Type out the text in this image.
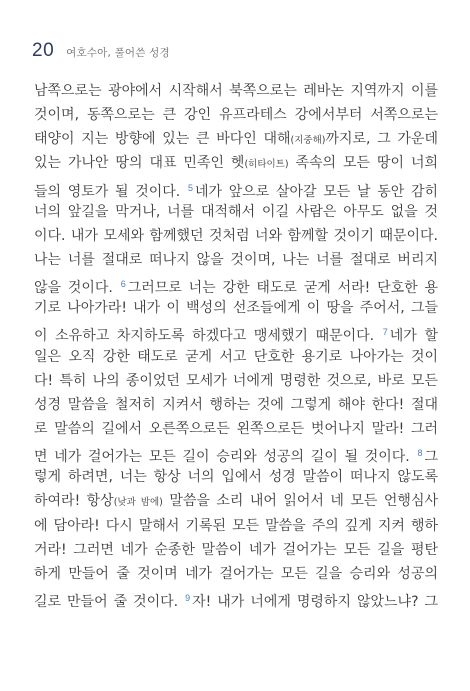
20 여호수아, 풀어쓴 성경
남쪽으로는 광야에서 시작해서 북쪽으로는 레바논 지역까지 이를
것이며, 동쪽으로는 큰 강인 유프라테스 강에서부터 서쪽으로는
태양이 지는 방향에 있는 큰 바다인 대해(지중해)까지로, 그 가운데
있는 가나안 땅의 대표 민족인 헷(히타이트) 족속의 모든 땅이 너희
들의 영토가 될 것이다. $^5$ 네가 앞으로 살아갈 모든 날 동안 감히
너의 앞길을 막거나, 너를 대적해서 이길 사람은 아무도 없을 것
이다. 내가 모세와 함께했던 것처럼 너와 함께할 것이기 때문이다.
나는 너를 절대로 떠나지 않을 것이며, 나는 너를 절대로 버리지
않을 것이다. $^6$ 그러므로 너는 강한 태도로 굳게 서라! 단호한 용
기로 나아가라! 내가 이 백성의 선조들에게 이 땅을 주어서, 그들
이 소유하고 차지하도록 하겠다고 맹세했기 때문이다. $^7$ 네가 할
일은 오직 강한 태도로 굳게 서고 단호한 용기로 나아가는 것이
다! 특히 나의 종이었던 모세가 너에게 명령한 것으로, 바로 모든
성경 말씀을 철저히 지켜서 행하는 것에 그렇게 해야 한다! 절대
로 말씀의 길에서 오른쪽으로든 왼쪽으로든 벗어나지 말라! 그러
면 네가 걸어가는 모든 길이 승리와 성공의 길이 될 것이다. $^8$ 그
렇게 하려면, 너는 항상 너의 입에서 성경 말씀이 떠나지 않도록
하여라! 항상(낮과 밤에) 말씀을 소리 내어 읽어서 네 모든 언행심사
에 담아라! 다시 말해서 기록된 모든 말씀을 주의 깊게 지켜 행하
거라! 그러면 네가 순종한 말씀이 네가 걸어가는 모든 길을 평탄
하게 만들어 줄 것이며 네가 걸어가는 모든 길을 승리와 성공의
길로 만들어 줄 것이다. $^9$ 자! 내가 너에게 명령하지 않았느냐? 그
